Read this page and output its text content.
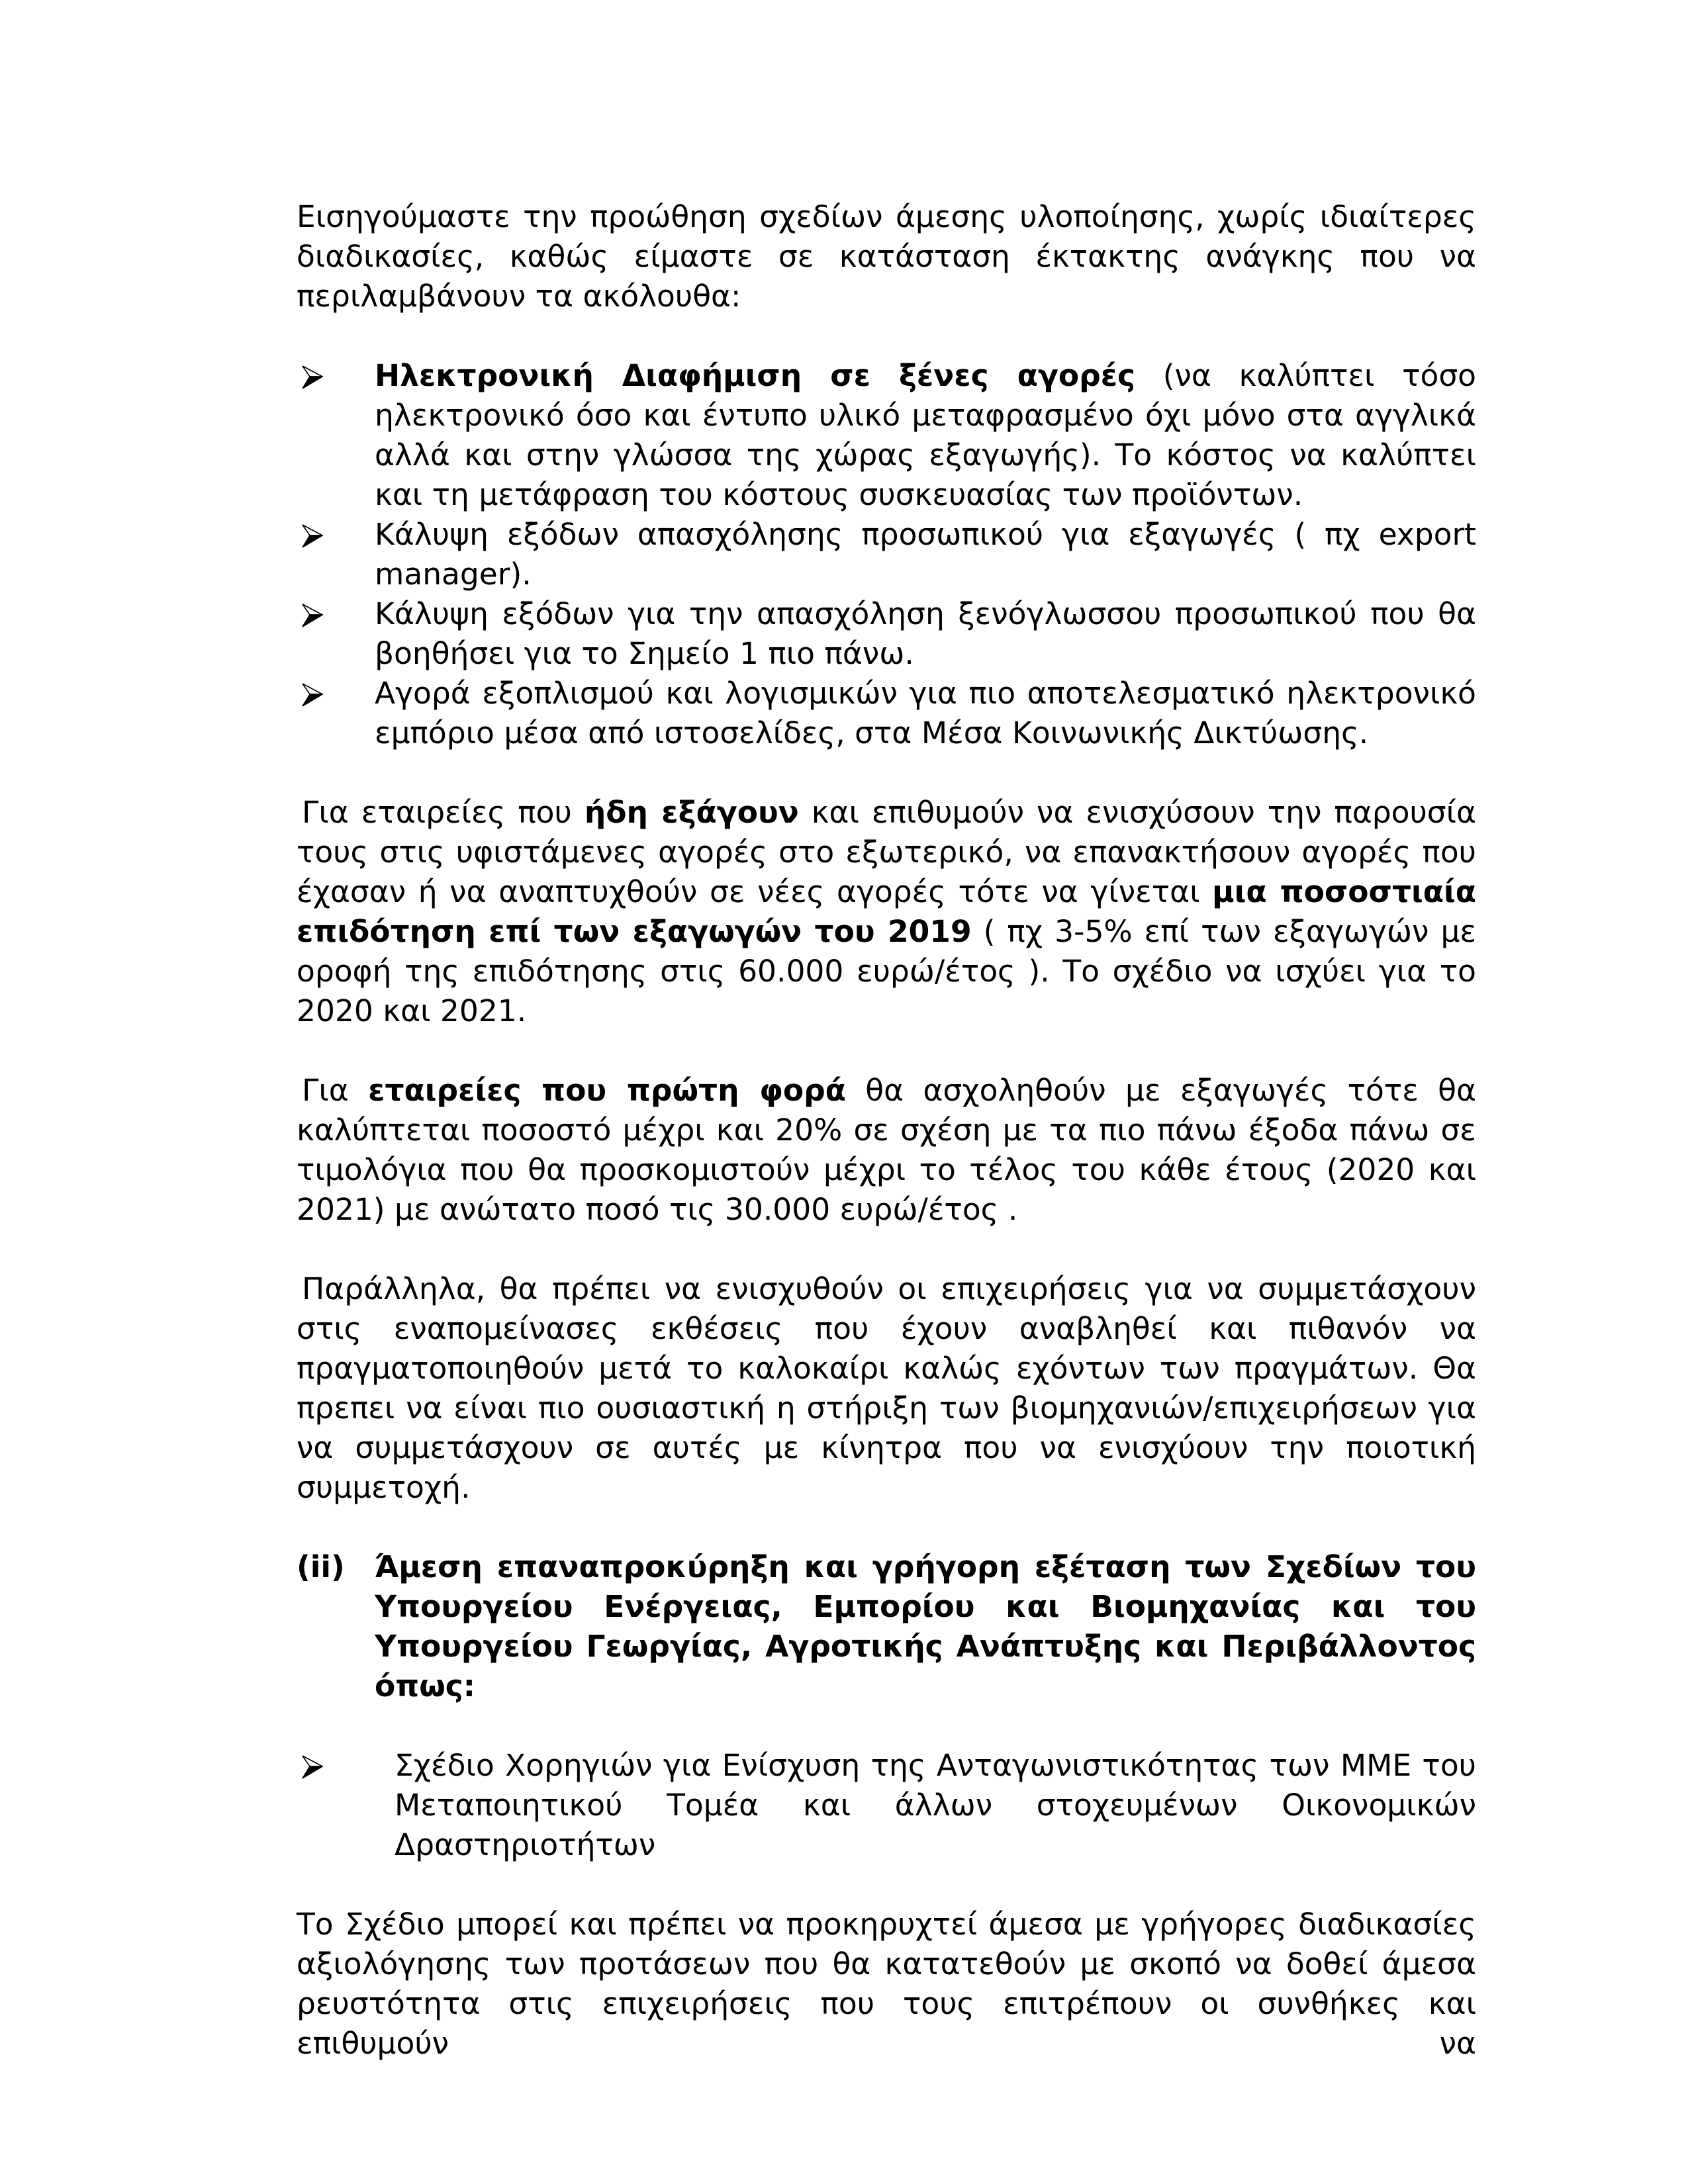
Εισηγούμαστε την προώθηση σχεδίων άμεσης υλοποίησης, χωρίς ιδιαίτερες διαδικασίες, καθώς είμαστε σε κατάσταση έκτακτης ανάγκης που να περιλαμβάνουν τα ακόλουθα:

Ηλεκτρονική Διαφήμιση σε ξένες αγορές (να καλύπτει τόσο ηλεκτρονικό όσο και έντυπο υλικό μεταφρασμένο όχι μόνο στα αγγλικά αλλά και στην γλώσσα της χώρας εξαγωγής). Το κόστος να καλύπτει και τη μετάφραση του κόστους συσκευασίας των προϊόντων.
Κάλυψη εξόδων απασχόλησης προσωπικού για εξαγωγές ( πχ export manager).
Κάλυψη εξόδων για την απασχόληση ξενόγλωσσου προσωπικού που θα βοηθήσει για το Σημείο 1 πιο πάνω.
Αγορά εξοπλισμού και λογισμικών για πιο αποτελεσματικό ηλεκτρονικό εμπόριο μέσα από ιστοσελίδες, στα Μέσα Κοινωνικής Δικτύωσης.

Για εταιρείες που ήδη εξάγουν και επιθυμούν να ενισχύσουν την παρουσία τους στις υφιστάμενες αγορές στο εξωτερικό, να επανακτήσουν αγορές που έχασαν ή να αναπτυχθούν σε νέες αγορές τότε να γίνεται μια ποσοστιαία επιδότηση επί των εξαγωγών του 2019 ( πχ 3-5% επί των εξαγωγών με οροφή της επιδότησης στις 60.000 ευρώ/έτος ). Το σχέδιο να ισχύει για το 2020 και 2021.

Για εταιρείες που πρώτη φορά θα ασχοληθούν με εξαγωγές τότε θα καλύπτεται ποσοστό μέχρι και 20% σε σχέση με τα πιο πάνω έξοδα πάνω σε τιμολόγια που θα προσκομιστούν μέχρι το τέλος του κάθε έτους (2020 και 2021) με ανώτατο ποσό τις 30.000 ευρώ/έτος .

Παράλληλα, θα πρέπει να ενισχυθούν οι επιχειρήσεις για να συμμετάσχουν στις εναπομείνασες εκθέσεις που έχουν αναβληθεί και πιθανόν να πραγματοποιηθούν μετά το καλοκαίρι καλώς εχόντων των πραγμάτων. Θα πρεπει να είναι πιο ουσιαστική η στήριξη των βιομηχανιών/επιχειρήσεων για να συμμετάσχουν σε αυτές με κίνητρα που να ενισχύουν την ποιοτική συμμετοχή.

(ii) Άμεση επαναπροκύρηξη και γρήγορη εξέταση των Σχεδίων του Υπουργείου Ενέργειας, Εμπορίου και Βιομηχανίας και του Υπουργείου Γεωργίας, Αγροτικής Ανάπτυξης και Περιβάλλοντος όπως:
Σχέδιο Χορηγιών για Ενίσχυση της Ανταγωνιστικότητας των ΜΜΕ του Μεταποιητικού Τομέα και άλλων στοχευμένων Οικονομικών Δραστηριοτήτων

Το Σχέδιο μπορεί και πρέπει να προκηρυχτεί άμεσα με γρήγορες διαδικασίες αξιολόγησης των προτάσεων που θα κατατεθούν με σκοπό να δοθεί άμεσα ρευστότητα στις επιχειρήσεις που τους επιτρέπουν οι συνθήκες και επιθυμούν να
